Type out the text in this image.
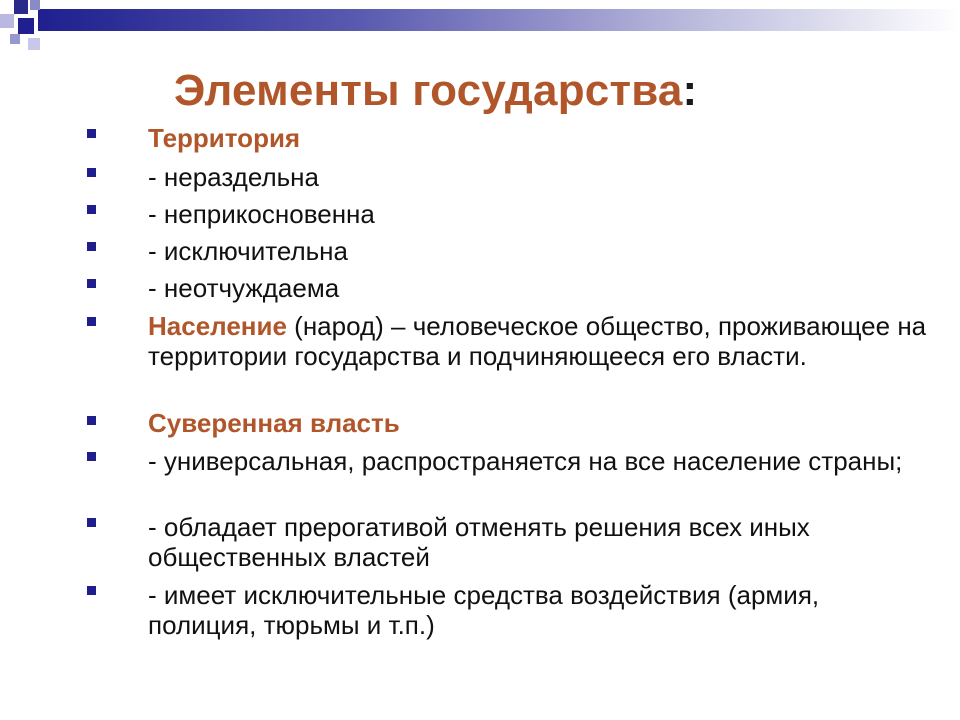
Элементы государства:
Территория
- нераздельна
- неприкосновенна
- исключительна
- неотчуждаема
Население (народ) – человеческое общество, проживающее на территории государства и подчиняющееся его власти.
Суверенная власть
- универсальная, распространяется на все население страны;
- обладает прерогативой отменять решения всех иных общественных властей
- имеет исключительные средства воздействия (армия, полиция, тюрьмы и т.п.)
